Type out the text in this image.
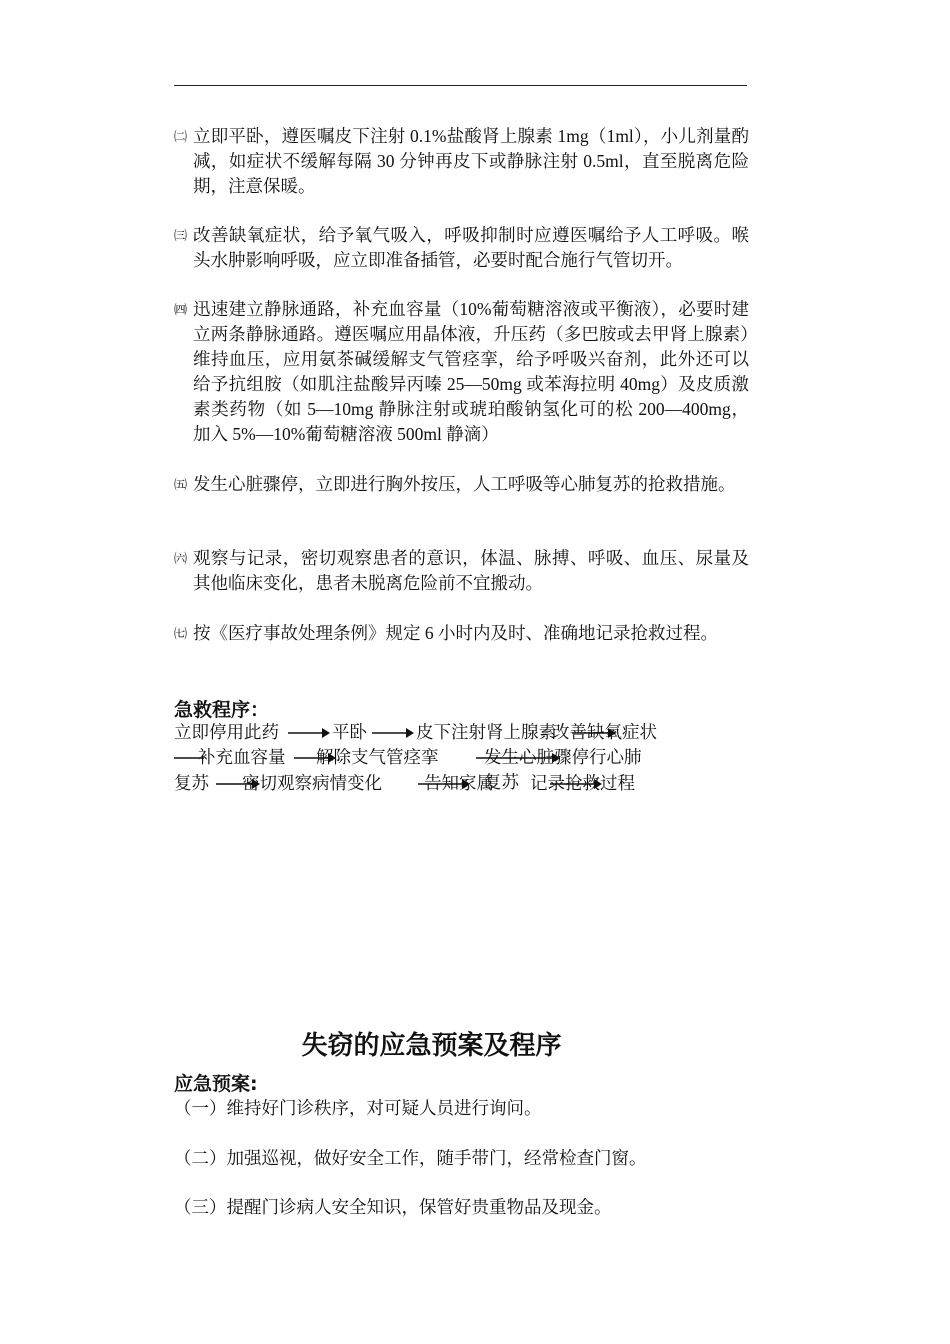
㈡ 立即平卧，遵医嘱皮下注射 0.1%盐酸肾上腺素 1mg（1ml），小儿剂量酌减，如症状不缓解每隔 30 分钟再皮下或静脉注射 0.5ml，直至脱离危险期，注意保暖。
㈢ 改善缺氧症状，给予氧气吸入，呼吸抑制时应遵医嘱给予人工呼吸。喉头水肿影响呼吸，应立即准备插管，必要时配合施行气管切开。
㈣ 迅速建立静脉通路，补充血容量（10%葡萄糖溶液或平衡液），必要时建立两条静脉通路。遵医嘱应用晶体液，升压药（多巴胺或去甲肾上腺素）维持血压，应用氨茶碱缓解支气管痉挛，给予呼吸兴奋剂，此外还可以给予抗组胺（如肌注盐酸异丙嗪 25—50mg 或苯海拉明 40mg）及皮质激素类药物（如 5—10mg 静脉注射或琥珀酸钠氢化可的松 200—400mg，加入 5%—10%葡萄糖溶液 500ml 静滴）
㈤ 发生心脏骤停，立即进行胸外按压，人工呼吸等心肺复苏的抢救措施。
㈥ 观察与记录，密切观察患者的意识，体温、脉搏、呼吸、血压、尿量及其他临床变化，患者未脱离危险前不宜搬动。
㈦ 按《医疗事故处理条例》规定 6 小时内及时、准确地记录抢救过程。
急救程序：
立即停用此药	平卧	皮下注射肾上腺素
改善缺氧症状
补充血容量 解除支气管痉挛	发生心脏骤停行心肺复苏
复苏 密切观察病情变化 告知家属 记录抢救过程
失窃的应急预案及程序
应急预案:
（一）维持好门诊秩序，对可疑人员进行询问。
（二）加强巡视，做好安全工作，随手带门，经常检查门窗。
（三）提醒门诊病人安全知识，保管好贵重物品及现金。
